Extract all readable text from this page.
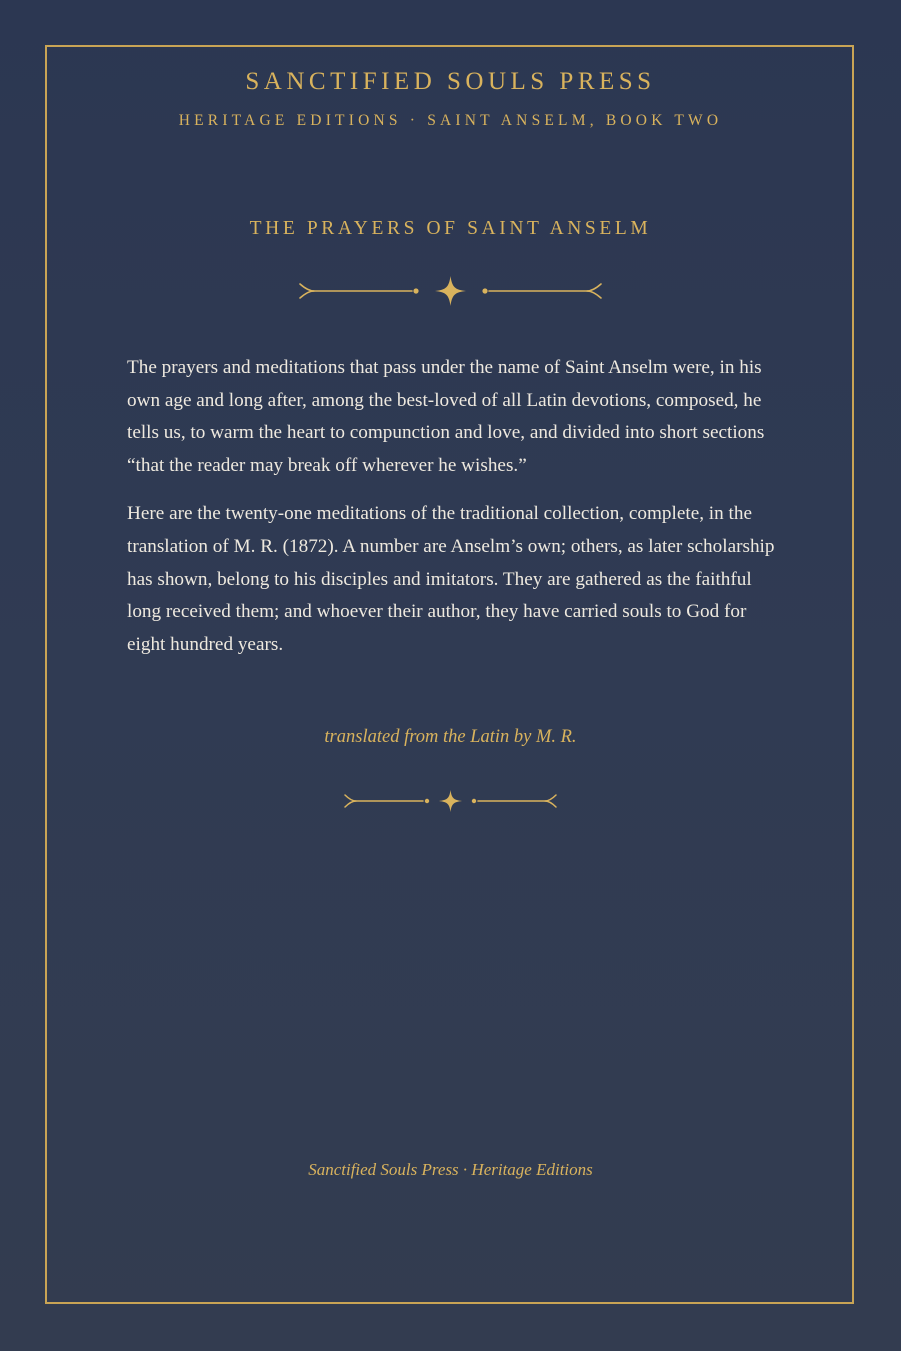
SANCTIFIED SOULS PRESS
HERITAGE EDITIONS · SAINT ANSELM, BOOK TWO
THE PRAYERS OF SAINT ANSELM

The prayers and meditations that pass under the name of Saint Anselm were, in his own age and long after, among the best-loved of all Latin devotions, composed, he tells us, to warm the heart to compunction and love, and divided into short sections “that the reader may break off wherever he wishes.”

Here are the twenty-one meditations of the traditional collection, complete, in the translation of M. R. (1872). A number are Anselm’s own; others, as later scholarship has shown, belong to his disciples and imitators. They are gathered as the faithful long received them; and whoever their author, they have carried souls to God for eight hundred years.

translated from the Latin by M. R.
Sanctified Souls Press · Heritage Editions
